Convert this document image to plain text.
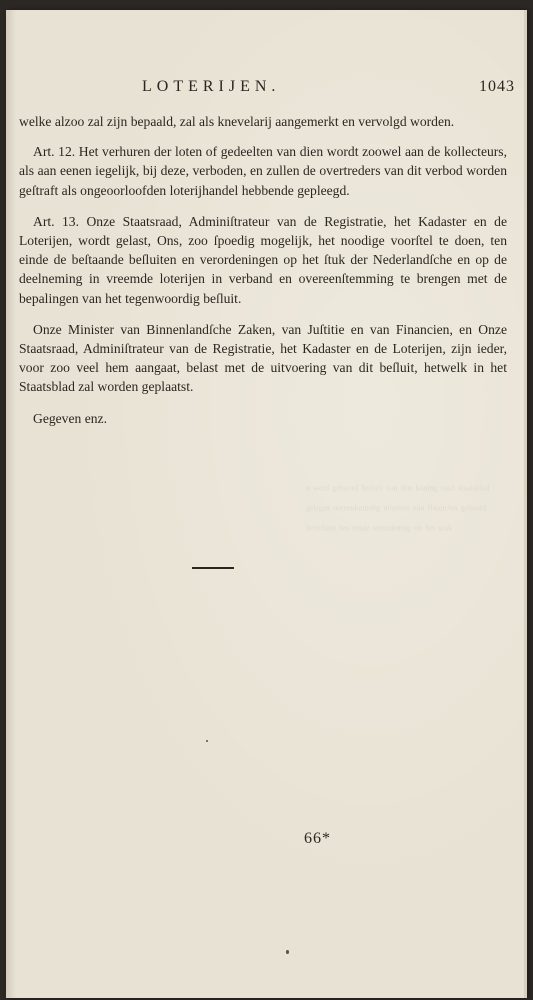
ⁿ ʷᵉʳᵈ ᵍᵉʰᵒᵒʳᵈ ᵇᵉˢˡᵘⁱᵗ ᵛᵃⁿ ᵈᵉⁿ ᵏᵒⁿⁱⁿᵍ ʳᵃᵃᵈ ˢᵗᵃᵃᵗˢᵇˡᵃᵈ ᵍᵉˡᵉᵍᵉⁿ ᵒᵒʳᵉᵉⁿᵏᵒᵐˢᵗⁱᵍ ᵐⁱⁿⁱˢᵗᵉʳ ᵛᵃⁿ ᶠⁱⁿᵃⁿᶜⁱᵉⁿ ᵍᵉʰᵒᵒʳᵈ ᵇᵉʳⁱᶜʰᵗᵉⁿ ᵗᵉⁿ ᵉⁱⁿᵈᵉ ᵛᵉʳᵒʳᵈᵉⁿⁱⁿᵍ ᵒᵖ ʰᵉᵗ ˢᵗᵘᵏ
LOTERIJEN.	1043

welke alzoo zal zijn bepaald, zal als knevelarij aangemerkt en vervolgd worden.

Art. 12. Het verhuren der loten of gedeelten van dien wordt zoowel aan de kollecteurs, als aan eenen iegelijk, bij deze, verboden, en zullen de overtreders van dit verbod worden geſtraft als ongeoorloofden loterijhandel hebbende gepleegd.

Art. 13. Onze Staatsraad, Adminiſtrateur van de Registratie, het Kadaster en de Loterijen, wordt gelast, Ons, zoo ſpoedig mogelijk, het noodige voorſtel te doen, ten einde de beſtaande beſluiten en verordeningen op het ſtuk der Nederlandſche en op de deelneming in vreemde loterijen in verband en overeenſtemming te brengen met de bepalingen van het tegenwoordig beſluit.

Onze Minister van Binnenlandſche Zaken, van Juſtitie en van Financien, en Onze Staatsraad, Adminiſtrateur van de Registratie, het Kadaster en de Loterijen, zijn ieder, voor zoo veel hem aangaat, belast met de uitvoering van dit beſluit, hetwelk in het Staatsblad zal worden geplaatst.

Gegeven enz.

66*
